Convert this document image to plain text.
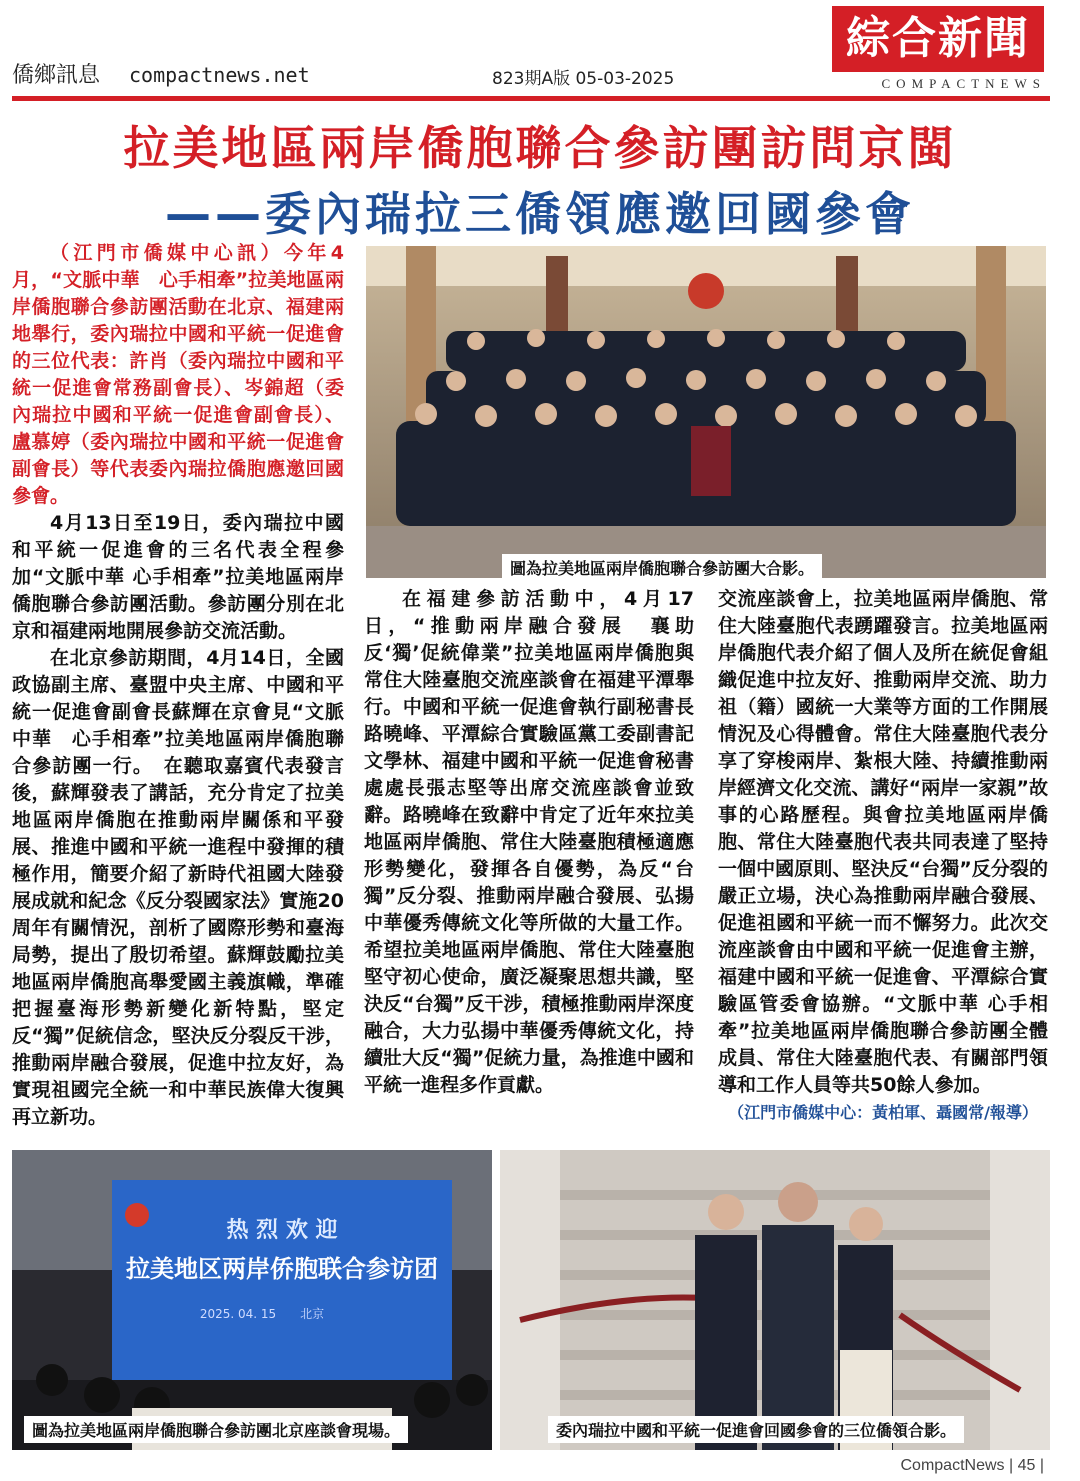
僑鄉訊息 compactnews.net	823期A版 05-03-2025
綜合新聞
COMPACTNEWS
拉美地區兩岸僑胞聯合參訪團訪問京閩
——委內瑞拉三僑領應邀回國參會
圖為拉美地區兩岸僑胞聯合參訪團大合影。

（江門市僑媒中心訊）今年4月，“文脈中華　心手相牽”拉美地區兩岸僑胞聯合參訪團活動在北京、福建兩地舉行，委內瑞拉中國和平統一促進會的三位代表：許肖（委內瑞拉中國和平統一促進會常務副會長）、岑錦超（委內瑞拉中國和平統一促進會副會長）、盧慕婷（委內瑞拉中國和平統一促進會副會長）等代表委內瑞拉僑胞應邀回國參會。

4月13日至19日，委內瑞拉中國和平統一促進會的三名代表全程參加“文脈中華 心手相牽”拉美地區兩岸僑胞聯合參訪團活動。參訪團分別在北京和福建兩地開展參訪交流活動。

在北京參訪期間，4月14日，全國政協副主席、臺盟中央主席、中國和平統一促進會副會長蘇輝在京會見“文脈中華　心手相牽”拉美地區兩岸僑胞聯合參訪團一行。　在聽取嘉賓代表發言後，蘇輝發表了講話，充分肯定了拉美地區兩岸僑胞在推動兩岸關係和平發展、推進中國和平統一進程中發揮的積極作用，簡要介紹了新時代祖國大陸發展成就和紀念《反分裂國家法》實施20周年有關情況，剖析了國際形勢和臺海局勢，提出了殷切希望。蘇輝鼓勵拉美地區兩岸僑胞高舉愛國主義旗幟，準確把握臺海形勢新變化新特點，堅定反“獨”促統信念，堅決反分裂反干涉，推動兩岸融合發展，促進中拉友好，為實現祖國完全統一和中華民族偉大復興再立新功。

在福建參訪活動中，4月17日，“推動兩岸融合發展　襄助反‘獨’促統偉業”拉美地區兩岸僑胞與常住大陸臺胞交流座談會在福建平潭舉行。中國和平統一促進會執行副秘書長路曉峰、平潭綜合實驗區黨工委副書記文學林、福建中國和平統一促進會秘書處處長張志堅等出席交流座談會並致辭。路曉峰在致辭中肯定了近年來拉美地區兩岸僑胞、常住大陸臺胞積極適應形勢變化，發揮各自優勢，為反“台獨”反分裂、推動兩岸融合發展、弘揚中華優秀傳統文化等所做的大量工作。希望拉美地區兩岸僑胞、常住大陸臺胞堅守初心使命，廣泛凝聚思想共識，堅決反“台獨”反干涉，積極推動兩岸深度融合，大力弘揚中華優秀傳統文化，持續壯大反“獨”促統力量，為推進中國和平統一進程多作貢獻。

交流座談會上，拉美地區兩岸僑胞、常住大陸臺胞代表踴躍發言。拉美地區兩岸僑胞代表介紹了個人及所在統促會組織促進中拉友好、推動兩岸交流、助力祖（籍）國統一大業等方面的工作開展情況及心得體會。常住大陸臺胞代表分享了穿梭兩岸、紮根大陸、持續推動兩岸經濟文化交流、講好“兩岸一家親”故事的心路歷程。與會拉美地區兩岸僑胞、常住大陸臺胞代表共同表達了堅持一個中國原則、堅決反“台獨”反分裂的嚴正立場，決心為推動兩岸融合發展、促進祖國和平統一而不懈努力。此次交流座談會由中國和平統一促進會主辦，福建中國和平統一促進會、平潭綜合實驗區管委會協辦。“文脈中華 心手相牽”拉美地區兩岸僑胞聯合參訪團全體成員、常住大陸臺胞代表、有關部門領導和工作人員等共50餘人參加。

（江門市僑媒中心：黃柏軍、聶國常/報導）
热 烈 欢 迎
拉美地区两岸侨胞联合参访团
2025. 04. 15　　北京
圖為拉美地區兩岸僑胞聯合參訪團北京座談會現場。	委內瑞拉中國和平統一促進會回國參會的三位僑領合影。
CompactNews | 45 |
